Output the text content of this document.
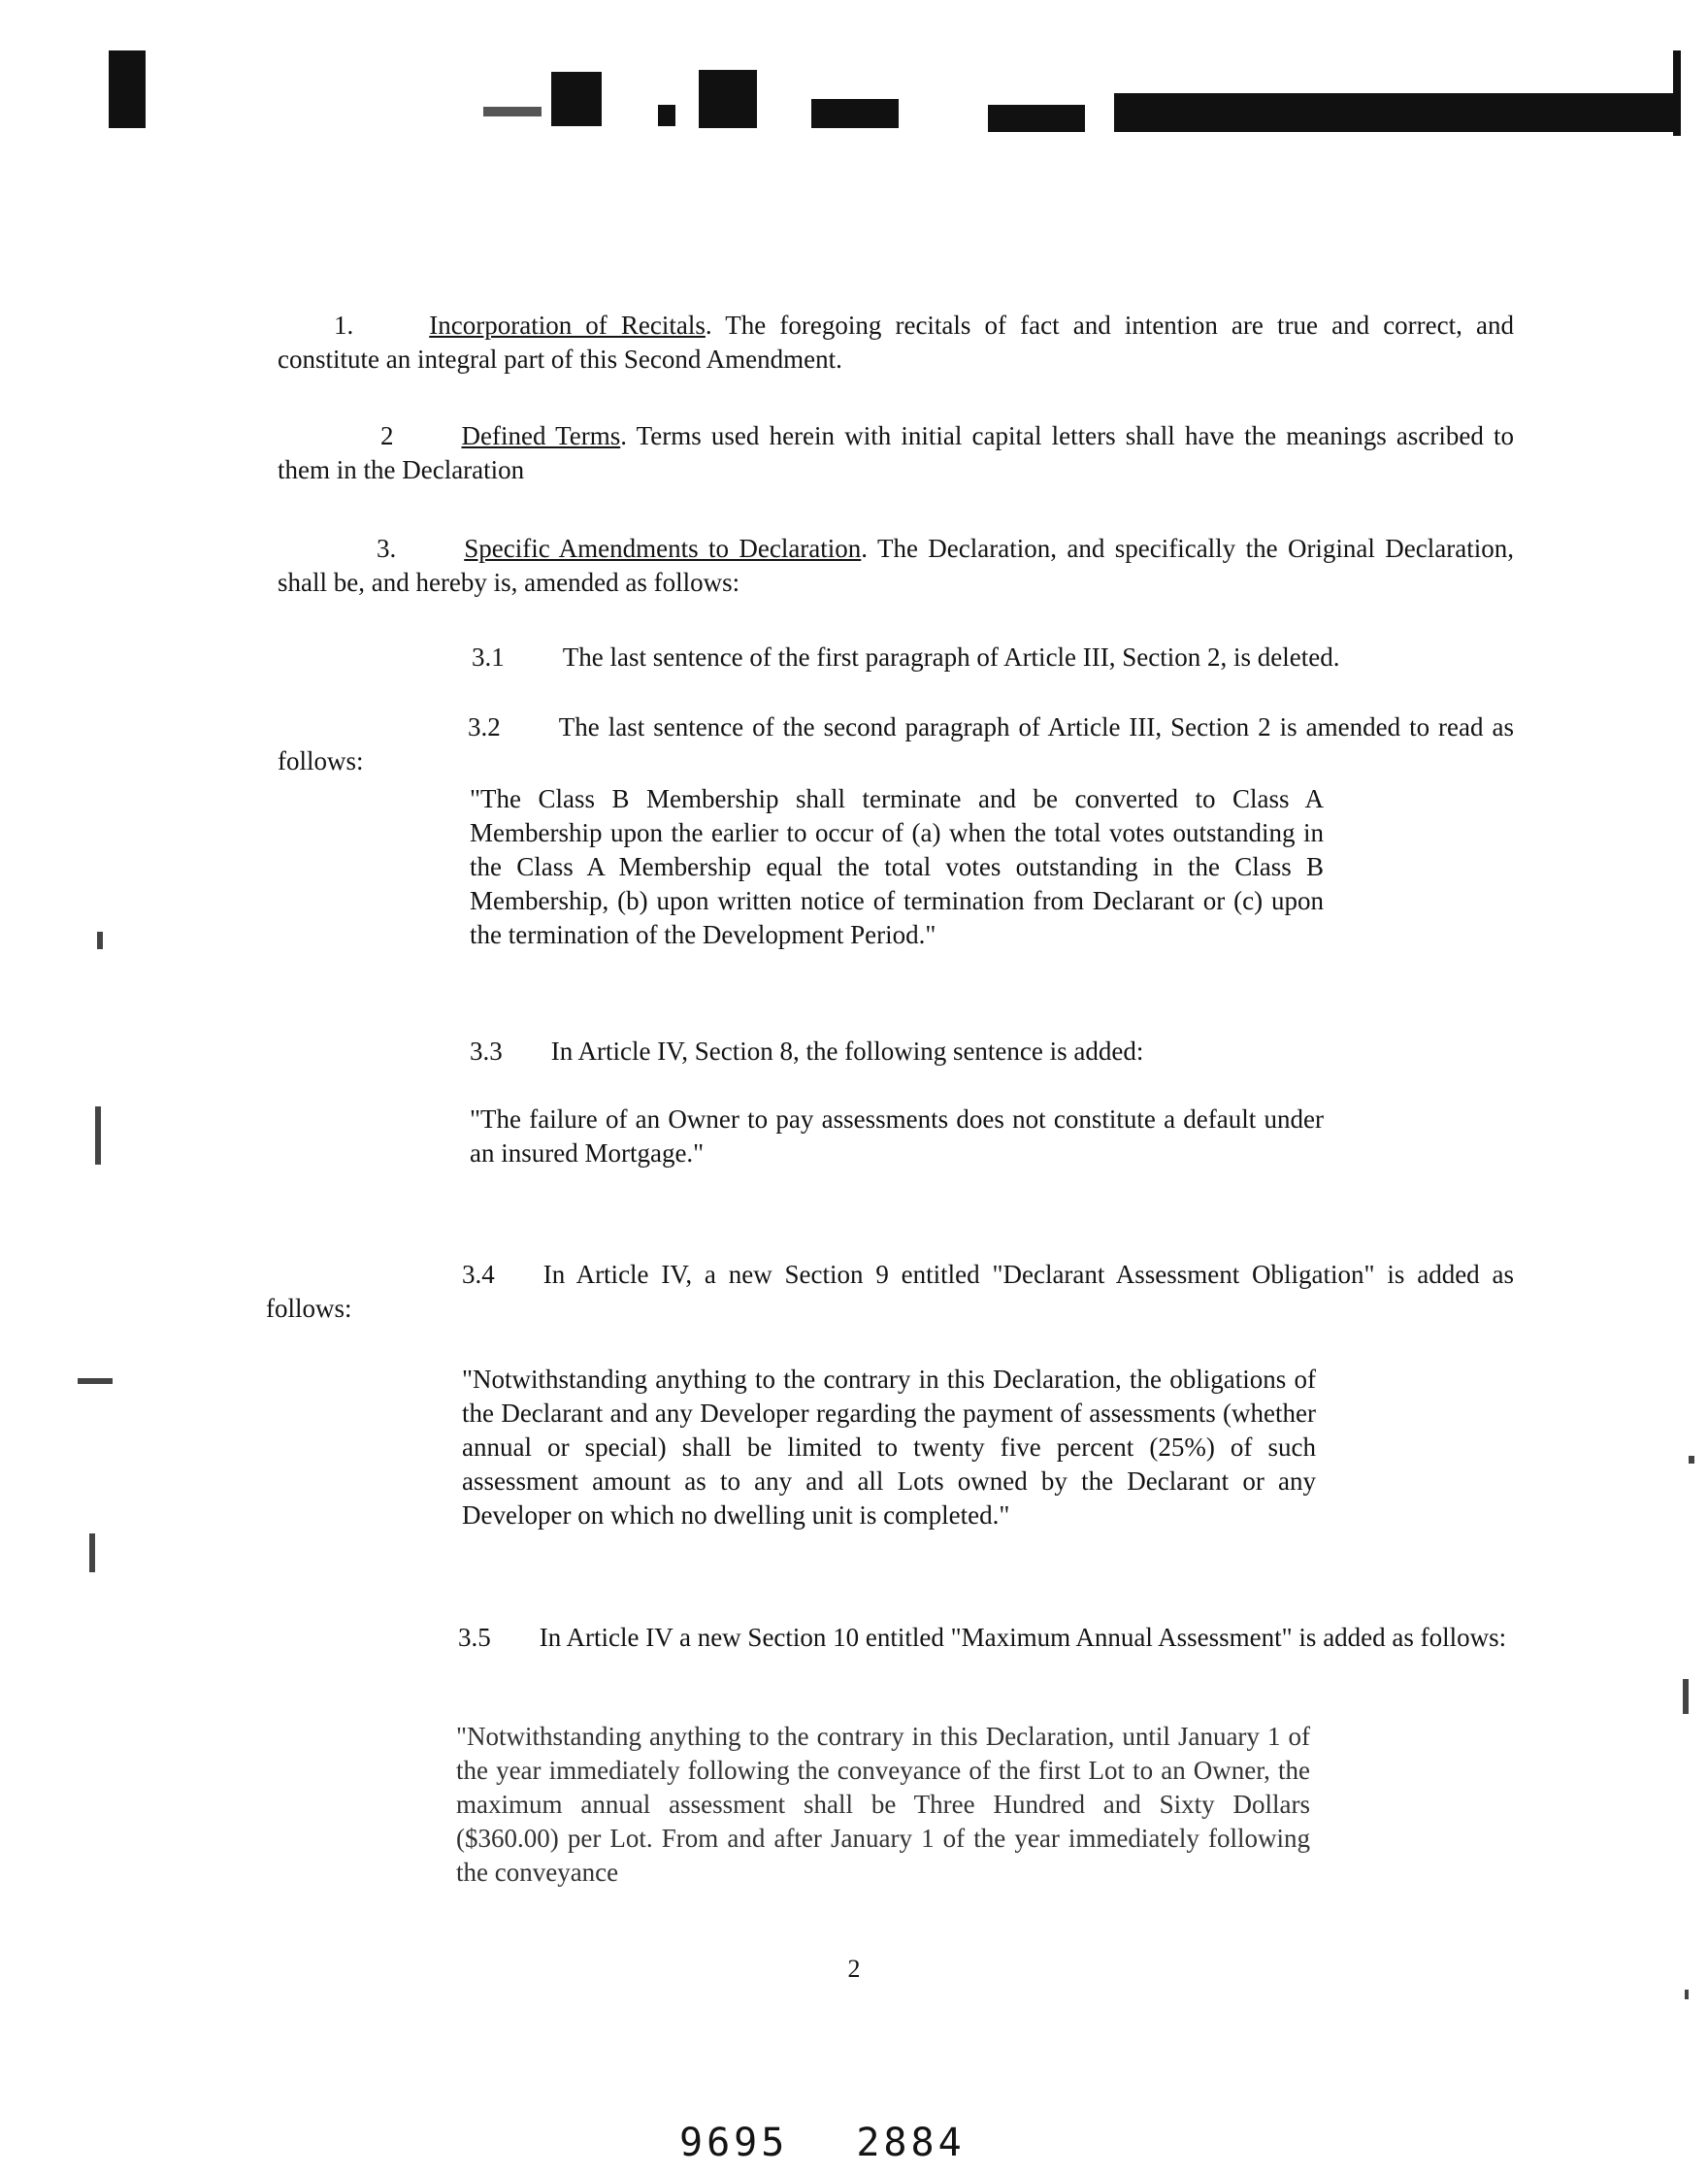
1.	Incorporation of Recitals. The foregoing recitals of fact and intention are true and correct, and constitute an integral part of this Second Amendment.
2	Defined Terms. Terms used herein with initial capital letters shall have the meanings ascribed to them in the Declaration
3.	Specific Amendments to Declaration. The Declaration, and specifically the Original Declaration, shall be, and hereby is, amended as follows:
3.1 The last sentence of the first paragraph of Article III, Section 2, is deleted.
3.2 The last sentence of the second paragraph of Article III, Section 2 is amended to read as follows:
"The Class B Membership shall terminate and be converted to Class A Membership upon the earlier to occur of (a) when the total votes outstanding in the Class A Membership equal the total votes outstanding in the Class B Membership, (b) upon written notice of termination from Declarant or (c) upon the termination of the Development Period."
3.3 In Article IV, Section 8, the following sentence is added:
"The failure of an Owner to pay assessments does not constitute a default under an insured Mortgage."
3.4 In Article IV, a new Section 9 entitled "Declarant Assessment Obligation" is added as follows:
"Notwithstanding anything to the contrary in this Declaration, the obligations of the Declarant and any Developer regarding the payment of assessments (whether annual or special) shall be limited to twenty five percent (25%) of such assessment amount as to any and all Lots owned by the Declarant or any Developer on which no dwelling unit is completed."
3.5 In Article IV a new Section 10 entitled "Maximum Annual Assessment" is added as follows:
"Notwithstanding anything to the contrary in this Declaration, until January 1 of the year immediately following the conveyance of the first Lot to an Owner, the maximum annual assessment shall be Three Hundred and Sixty Dollars ($360.00) per Lot. From and after January 1 of the year immediately following the conveyance
2
9695 2884
